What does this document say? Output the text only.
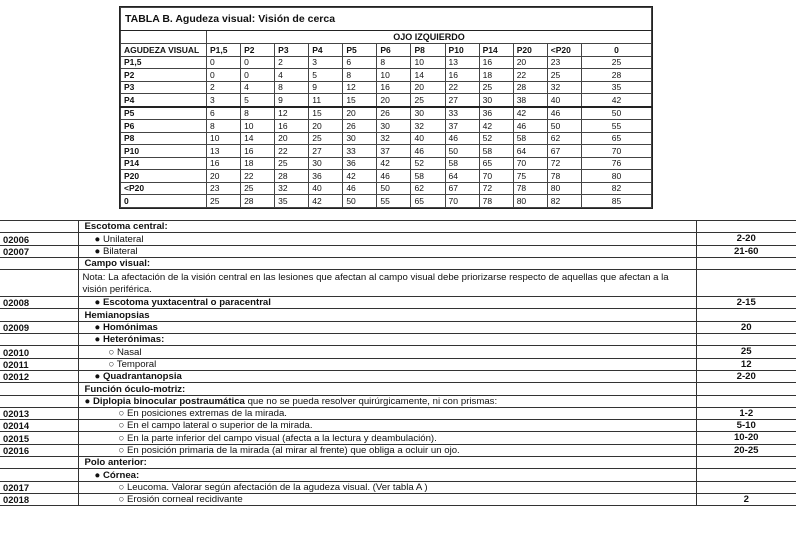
TABLA B. Agudeza visual: Visión de cerca												
	OJO IZQUIERDO											
AGUDEZA VISUAL	P1,5	P2	P3	P4	P5	P6	P8	P10	P14	P20	<P20	0
P1,5	0	0	2	3	6	8	10	13	16	20	23	25
P2	0	0	4	5	8	10	14	16	18	22	25	28
P3	2	4	8	9	12	16	20	22	25	28	32	35
P4	3	5	9	11	15	20	25	27	30	38	40	42
P5	6	8	12	15	20	26	30	33	36	42	46	50
P6	8	10	16	20	26	30	32	37	42	46	50	55
P8	10	14	20	25	30	32	40	46	52	58	62	65
P10	13	16	22	27	33	37	46	50	58	64	67	70
P14	16	18	25	30	36	42	52	58	65	70	72	76
P20	20	22	28	36	42	46	58	64	70	75	78	80
<P20	23	25	32	40	46	50	62	67	72	78	80	82
0	25	28	35	42	50	55	65	70	78	80	82	85
	Escotoma central:	
02006	● Unilateral	2-20
02007	● Bilateral	21-60
	Campo visual:	
	Nota: La afectación de la visión central en las lesiones que afectan al campo visual debe priorizarse respecto de aquellas que afectan a la visión periférica.	
02008	● Escotoma yuxtacentral o paracentral	2-15
	Hemianopsias	
02009	● Homónimas	20
	● Heterónimas:	
02010	○ Nasal	25
02011	○ Temporal	12
02012	● Quadrantanopsia	2-20
	Función óculo-motriz:	
	● Diplopia binocular postraumática que no se pueda resolver quirúrgicamente, ni con prismas:	
02013	○ En posiciones extremas de la mirada.	1-2
02014	○ En el campo lateral o superior de la mirada.	5-10
02015	○ En la parte inferior del campo visual (afecta a la lectura y deambulación).	10-20
02016	○ En posición primaria de la mirada (al mirar al frente) que obliga a ocluir un ojo.	20-25
	Polo anterior:	
	● Córnea:	
02017	○ Leucoma. Valorar según afectación de la agudeza visual. (Ver tabla A )	
02018	○ Erosión corneal recidivante	2
